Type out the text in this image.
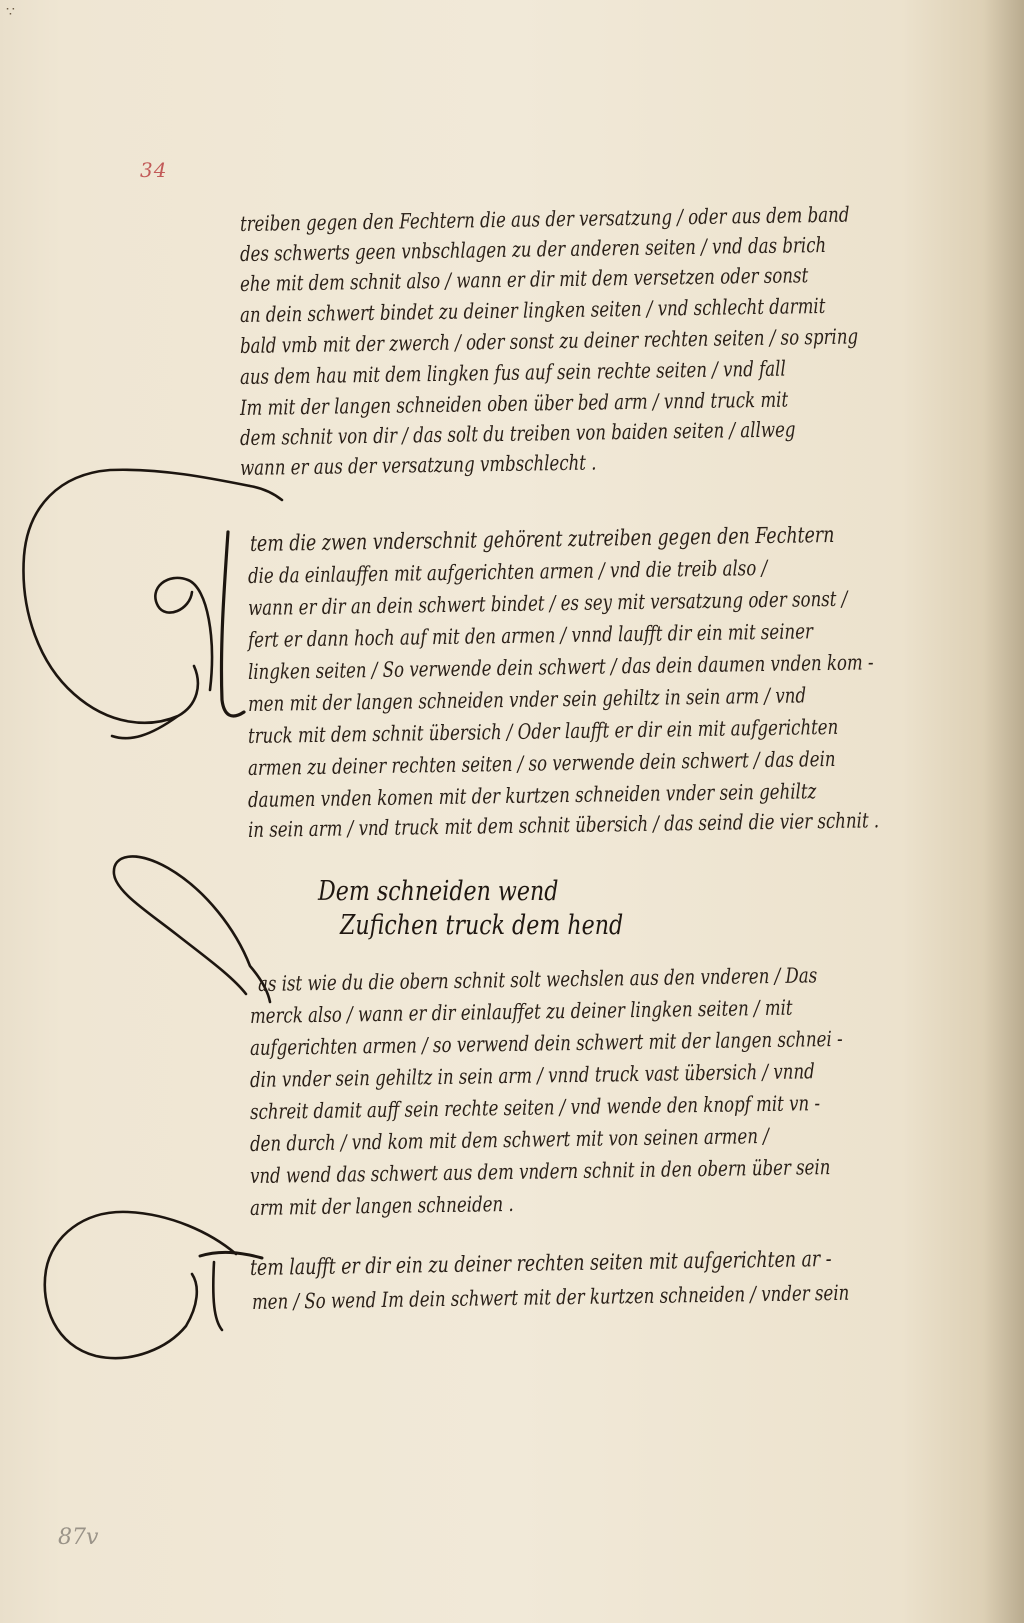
∵
34
87v
treiben gegen den Fechtern die aus der versatzung / oder aus dem band
des schwerts geen vnbschlagen zu der anderen seiten / vnd das brich
ehe mit dem schnit also / wann er dir mit dem versetzen oder sonst
an dein schwert bindet zu deiner lingken seiten / vnd schlecht darmit
bald vmb mit der zwerch / oder sonst zu deiner rechten seiten / so spring
aus dem hau mit dem lingken fus auf sein rechte seiten / vnd fall
Im mit der langen schneiden oben über bed arm / vnnd truck mit
dem schnit von dir / das solt du treiben von baiden seiten / allweg
wann er aus der versatzung vmbschlecht .
tem die zwen vnderschnit gehörent zutreiben gegen den Fechtern
die da einlauffen mit aufgerichten armen / vnd die treib also /
wann er dir an dein schwert bindet / es sey mit versatzung oder sonst /
fert er dann hoch auf mit den armen / vnnd laufft dir ein mit seiner
lingken seiten / So verwende dein schwert / das dein daumen vnden kom -
men mit der langen schneiden vnder sein gehiltz in sein arm / vnd
truck mit dem schnit übersich / Oder laufft er dir ein mit aufgerichten
armen zu deiner rechten seiten / so verwende dein schwert / das dein
daumen vnden komen mit der kurtzen schneiden vnder sein gehiltz
in sein arm / vnd truck mit dem schnit übersich / das seind die vier schnit .
Dem schneiden wend
Zufichen truck dem hend
as ist wie du die obern schnit solt wechslen aus den vnderen / Das
merck also / wann er dir einlauffet zu deiner lingken seiten / mit
aufgerichten armen / so verwend dein schwert mit der langen schnei -
din vnder sein gehiltz in sein arm / vnnd truck vast übersich / vnnd
schreit damit auff sein rechte seiten / vnd wende den knopf mit vn -
den durch / vnd kom mit dem schwert mit von seinen armen /
vnd wend das schwert aus dem vndern schnit in den obern über sein
arm mit der langen schneiden .
tem laufft er dir ein zu deiner rechten seiten mit aufgerichten ar -
men / So wend Im dein schwert mit der kurtzen schneiden / vnder sein
